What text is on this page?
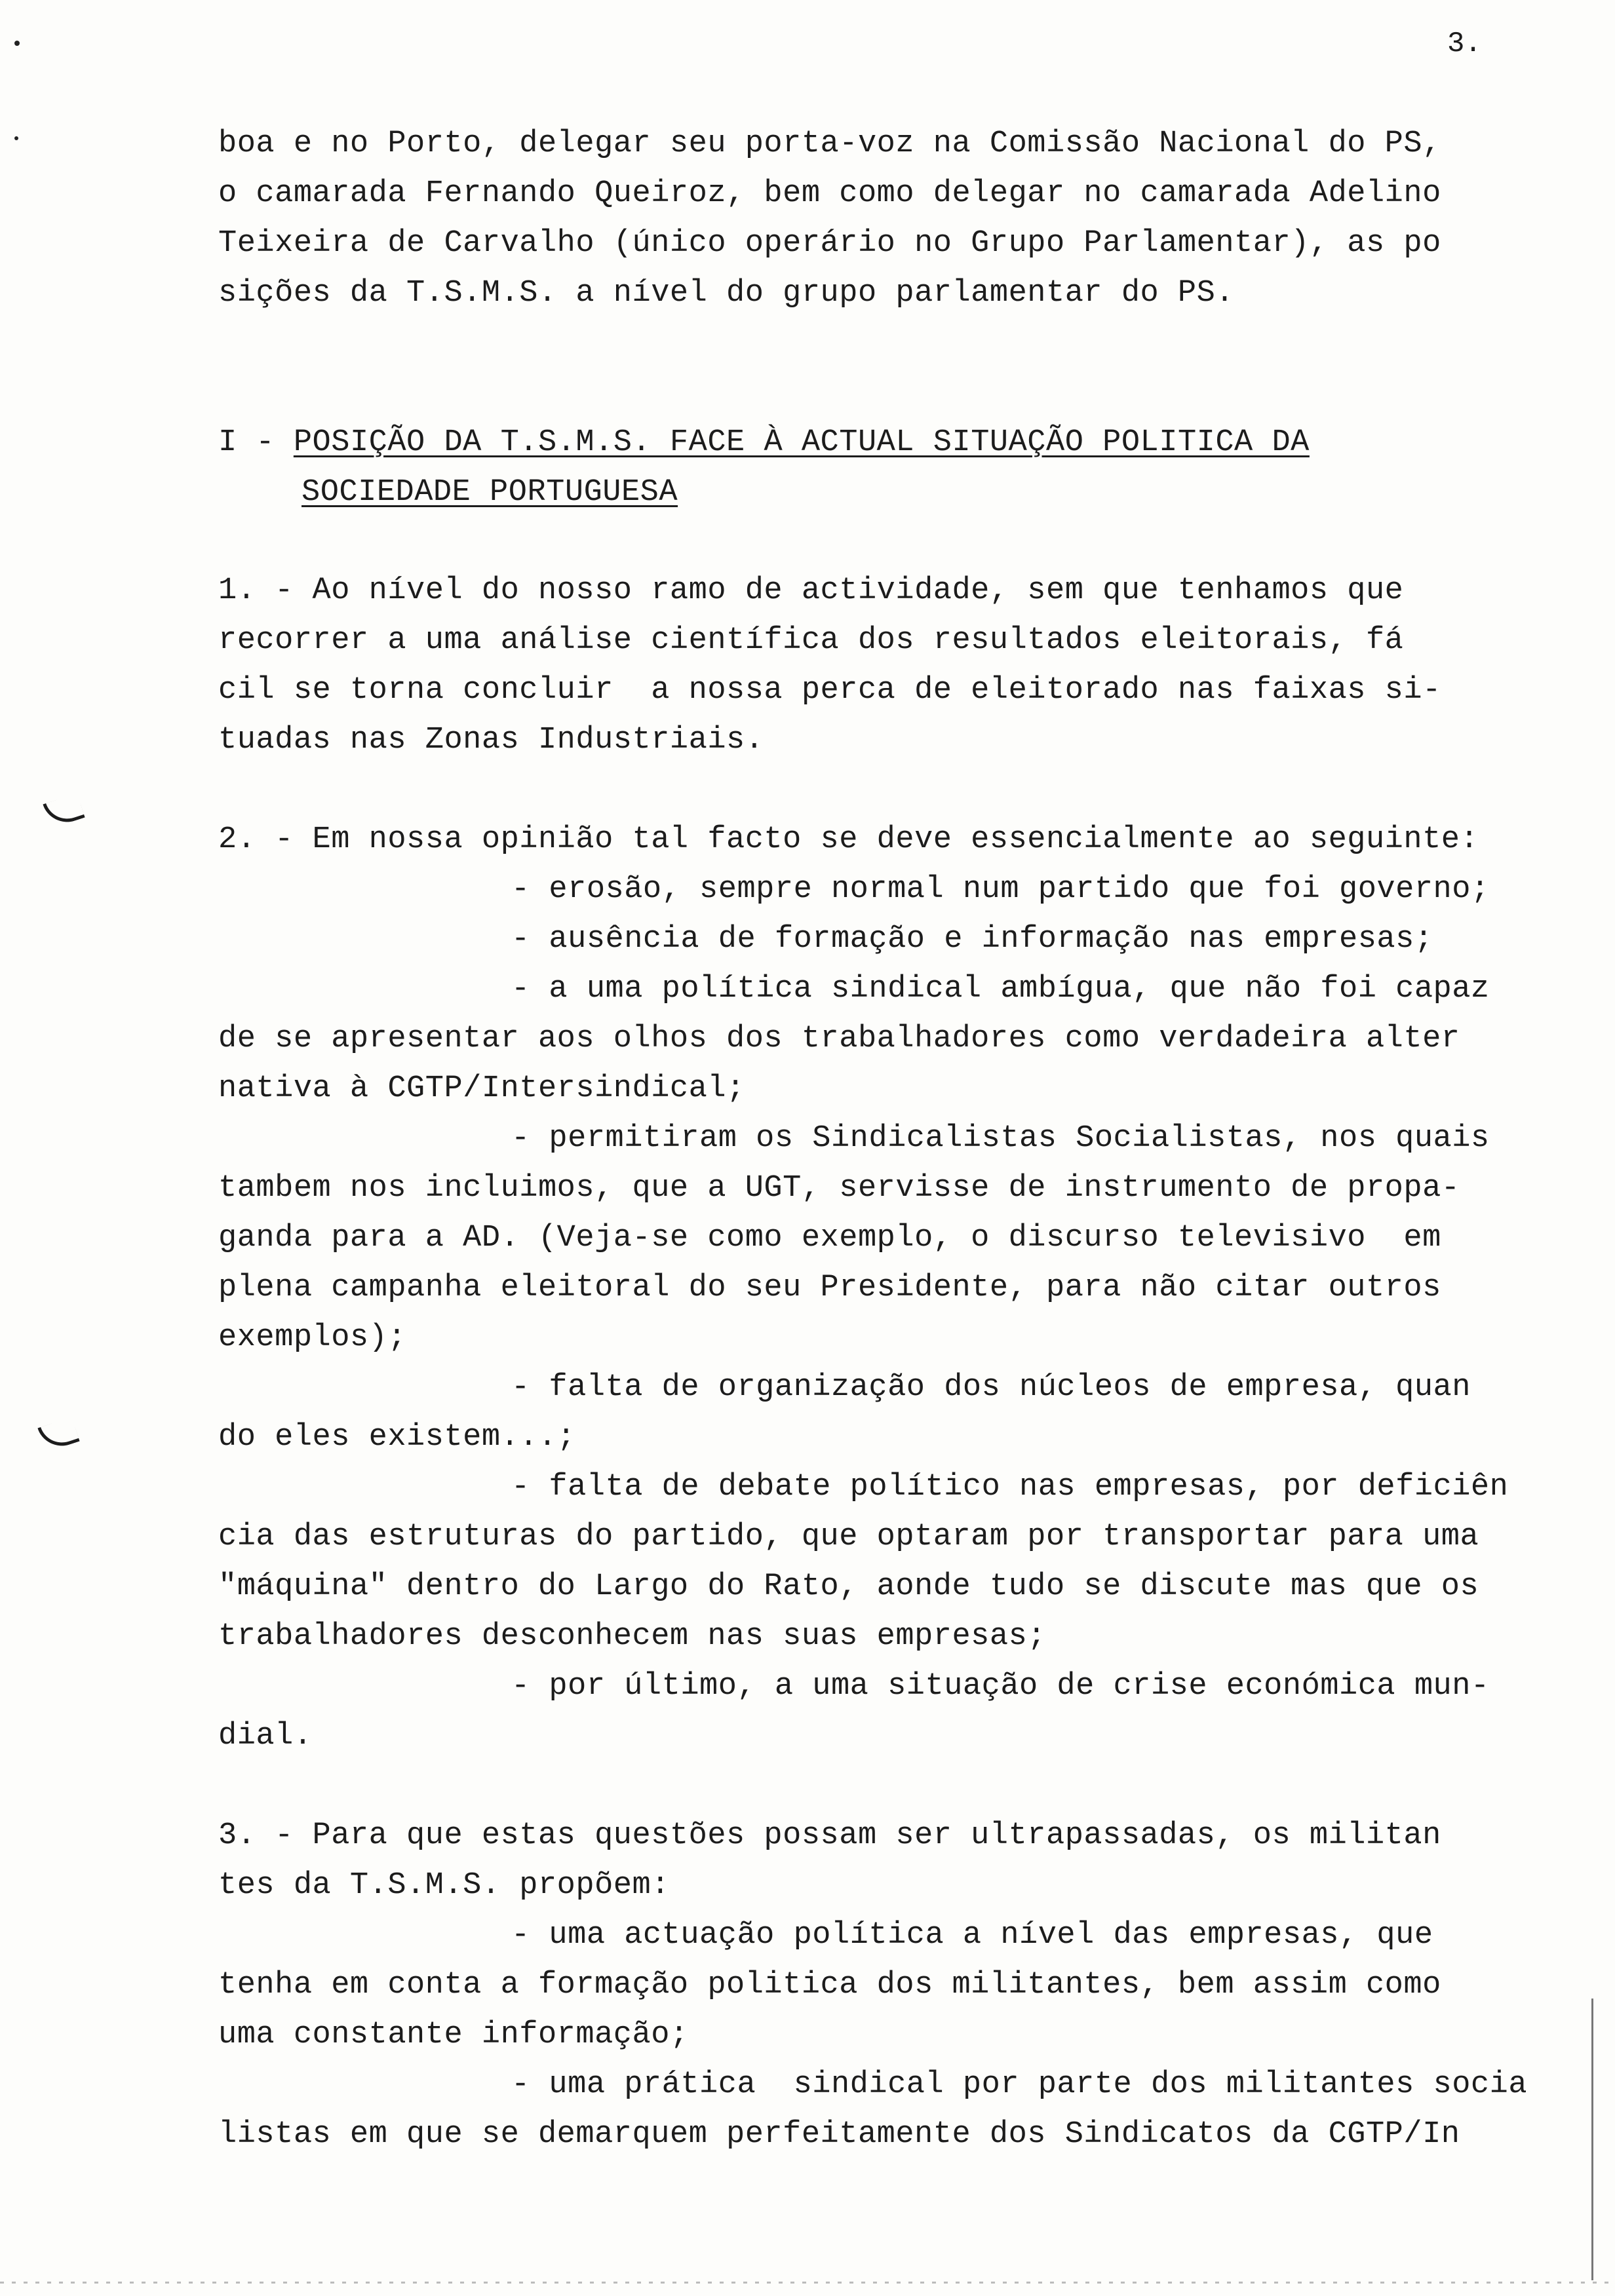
3.
boa e no Porto, delegar seu porta-voz na Comissão Nacional do PS,
o camarada Fernando Queiroz, bem como delegar no camarada Adelino
Teixeira de Carvalho (único operário no Grupo Parlamentar), as po
sições da T.S.M.S. a nível do grupo parlamentar do PS.
I - POSIÇÃO DA T.S.M.S. FACE À ACTUAL SITUAÇÃO POLITICA DA
SOCIEDADE PORTUGUESA
1. - Ao nível do nosso ramo de actividade, sem que tenhamos que
recorrer a uma análise científica dos resultados eleitorais, fá
cil se torna concluir  a nossa perca de eleitorado nas faixas si-
tuadas nas Zonas Industriais.
2. - Em nossa opinião tal facto se deve essencialmente ao seguinte:
- erosão, sempre normal num partido que foi governo;
- ausência de formação e informação nas empresas;
- a uma política sindical ambígua, que não foi capaz
de se apresentar aos olhos dos trabalhadores como verdadeira alter
nativa à CGTP/Intersindical;
- permitiram os Sindicalistas Socialistas, nos quais
tambem nos incluimos, que a UGT, servisse de instrumento de propa-
ganda para a AD. (Veja-se como exemplo, o discurso televisivo  em
plena campanha eleitoral do seu Presidente, para não citar outros
exemplos);
- falta de organização dos núcleos de empresa, quan
do eles existem...;
- falta de debate político nas empresas, por deficiên
cia das estruturas do partido, que optaram por transportar para uma
"máquina" dentro do Largo do Rato, aonde tudo se discute mas que os
trabalhadores desconhecem nas suas empresas;
- por último, a uma situação de crise económica mun-
dial.
3. - Para que estas questões possam ser ultrapassadas, os militan
tes da T.S.M.S. propõem:
- uma actuação política a nível das empresas, que
tenha em conta a formação politica dos militantes, bem assim como
uma constante informação;
- uma prática  sindical por parte dos militantes socia
listas em que se demarquem perfeitamente dos Sindicatos da CGTP/In
